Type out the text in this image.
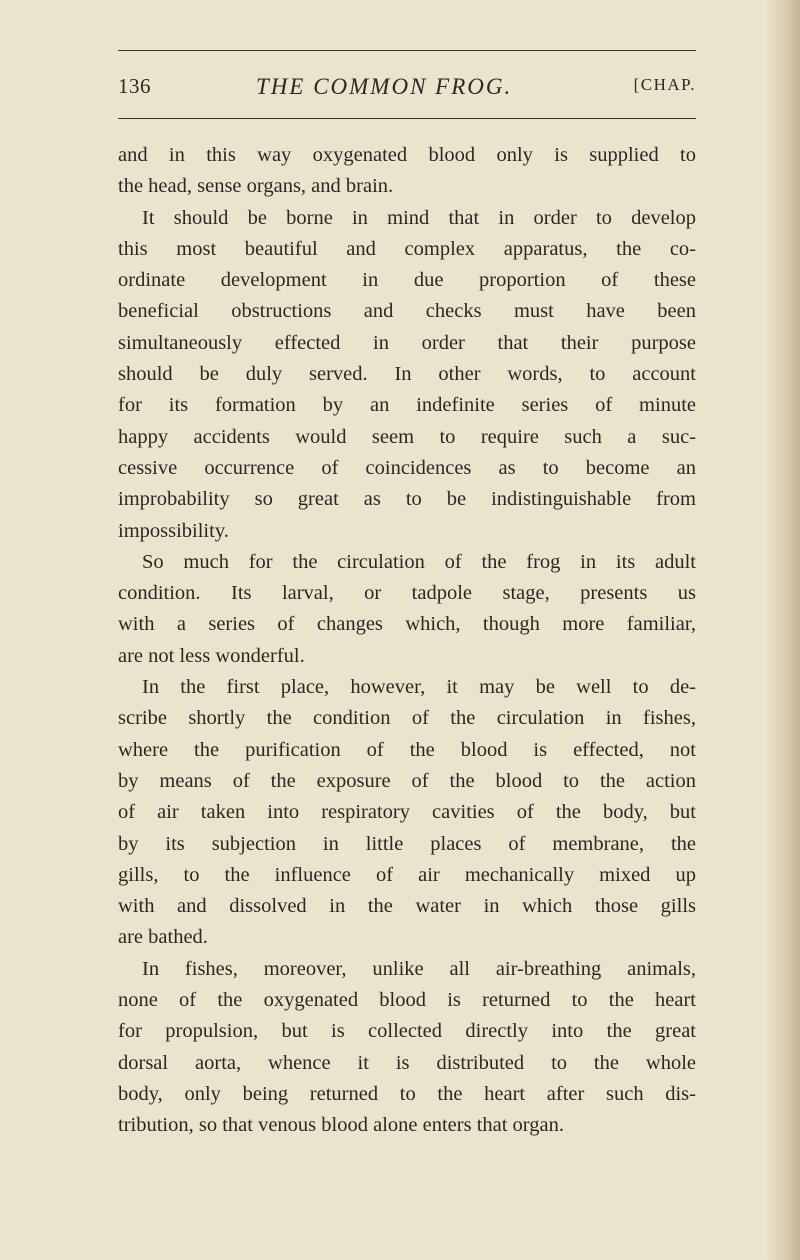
136	THE COMMON FROG.	[CHAP.
and in this way oxygenated blood only is supplied to
the head, sense organs, and brain.
It should be borne in mind that in order to develop
this most beautiful and complex apparatus, the co-
ordinate development in due proportion of these
beneficial obstructions and checks must have been
simultaneously effected in order that their purpose
should be duly served. In other words, to account
for its formation by an indefinite series of minute
happy accidents would seem to require such a suc-
cessive occurrence of coincidences as to become an
improbability so great as to be indistinguishable from
impossibility.
So much for the circulation of the frog in its adult
condition. Its larval, or tadpole stage, presents us
with a series of changes which, though more familiar,
are not less wonderful.
In the first place, however, it may be well to de-
scribe shortly the condition of the circulation in fishes,
where the purification of the blood is effected, not
by means of the exposure of the blood to the action
of air taken into respiratory cavities of the body, but
by its subjection in little places of membrane, the
gills, to the influence of air mechanically mixed up
with and dissolved in the water in which those gills
are bathed.
In fishes, moreover, unlike all air-breathing animals,
none of the oxygenated blood is returned to the heart
for propulsion, but is collected directly into the great
dorsal aorta, whence it is distributed to the whole
body, only being returned to the heart after such dis-
tribution, so that venous blood alone enters that organ.
